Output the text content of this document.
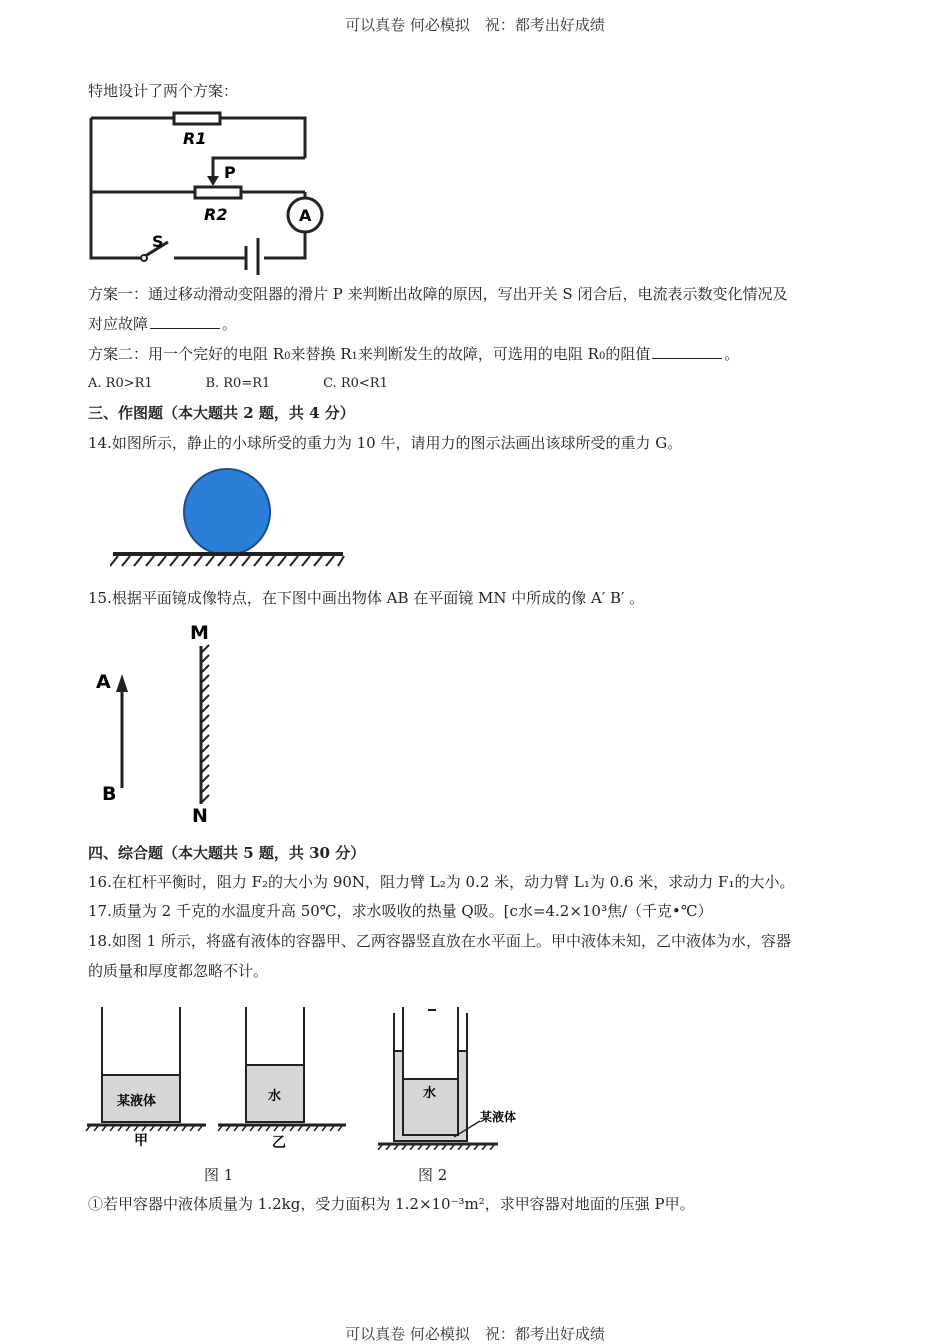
可以真卷 何必模拟　祝：都考出好成绩
特地设计了两个方案：
R1
P
R2	A
S
方案一：通过移动滑动变阻器的滑片 P 来判断出故障的原因，写出开关 S 闭合后，电流表示数变化情况及
对应故障	。
方案二：用一个完好的电阻 R0来替换 R1来判断发生的故障，可选用的电阻 R0的阻值	。
A. R0>R1	B. R0=R1	C. R0<R1
三、作图题（本大题共 2 题，共 4 分）
14.如图所示，静止的小球所受的重力为 10 牛，请用力的图示法画出该球所受的重力 G。
15.根据平面镜成像特点，在下图中画出物体 AB 在平面镜 MN 中所成的像 A′ B′ 。
M
N
A
B
四、综合题（本大题共 5 题，共 30 分）
16.在杠杆平衡时，阻力 F₂的大小为 90N，阻力臂 L₂为 0.2 米，动力臂 L₁为 0.6 米，求动力 F₁的大小。
17.质量为 2 千克的水温度升高 50℃，求水吸收的热量 Q吸。[c水=4.2×10³焦/（千克•℃）
18.如图 1 所示，将盛有液体的容器甲、乙两容器竖直放在水平面上。甲中液体未知，乙中液体为水，容器
的质量和厚度都忽略不计。
某液体
甲
水
乙
水
某液体
图 1	图 2
①若甲容器中液体质量为 1.2kg，受力面积为 1.2×10⁻³m²，求甲容器对地面的压强 P甲。
可以真卷 何必模拟　祝：都考出好成绩
